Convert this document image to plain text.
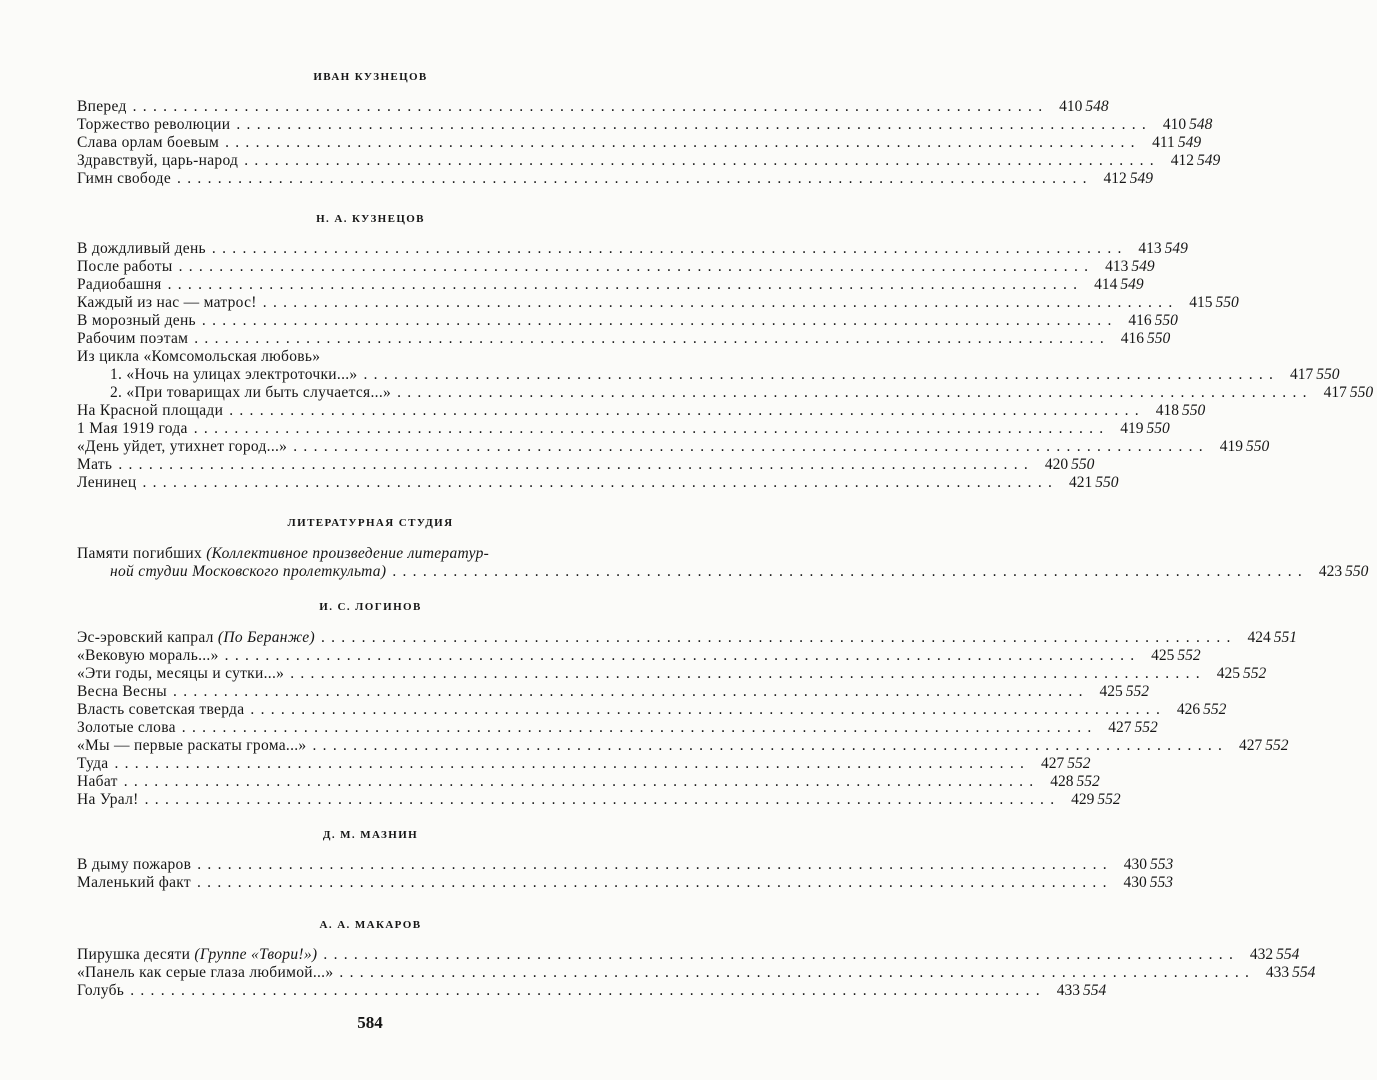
ИВАН КУЗНЕЦОВ
Вперед .......................................................................................... 410 548
Торжество революции .......................................................................................... 410 548
Слава орлам боевым .......................................................................................... 411 549
Здравствуй, царь-народ .......................................................................................... 412 549
Гимн свободе .......................................................................................... 412 549
Н. А. КУЗНЕЦОВ
В дождливый день .......................................................................................... 413 549
После работы .......................................................................................... 413 549
Радиобашня .......................................................................................... 414 549
Каждый из нас — матрос! .......................................................................................... 415 550
В морозный день .......................................................................................... 416 550
Рабочим поэтам .......................................................................................... 416 550
Из цикла «Комсомольская любовь»
1. «Ночь на улицах электроточки...» .......................................................................................... 417 550
2. «При товарищах ли быть случается...» .......................................................................................... 417 550
На Красной площади .......................................................................................... 418 550
1 Мая 1919 года .......................................................................................... 419 550
«День уйдет, утихнет город...» .......................................................................................... 419 550
Мать .......................................................................................... 420 550
Ленинец .......................................................................................... 421 550
ЛИТЕРАТУРНАЯ СТУДИЯ
Памяти погибших (Коллективное произведение литератур-
ной студии Московского пролеткульта) .......................................................................................... 423 550
И. С. ЛОГИНОВ
Эс-эровский капрал (По Беранже) .......................................................................................... 424 551
«Вековую мораль...» .......................................................................................... 425 552
«Эти годы, месяцы и сутки...» .......................................................................................... 425 552
Весна Весны .......................................................................................... 425 552
Власть советская тверда .......................................................................................... 426 552
Золотые слова .......................................................................................... 427 552
«Мы — первые раскаты грома...» .......................................................................................... 427 552
Туда .......................................................................................... 427 552
Набат .......................................................................................... 428 552
На Урал! .......................................................................................... 429 552
Д. М. МАЗНИН
В дыму пожаров .......................................................................................... 430 553
Маленький факт .......................................................................................... 430 553
А. А. МАКАРОВ
Пирушка десяти (Группе «Твори!») .......................................................................................... 432 554
«Панель как серые глаза любимой...» .......................................................................................... 433 554
Голубь .......................................................................................... 433 554
584
